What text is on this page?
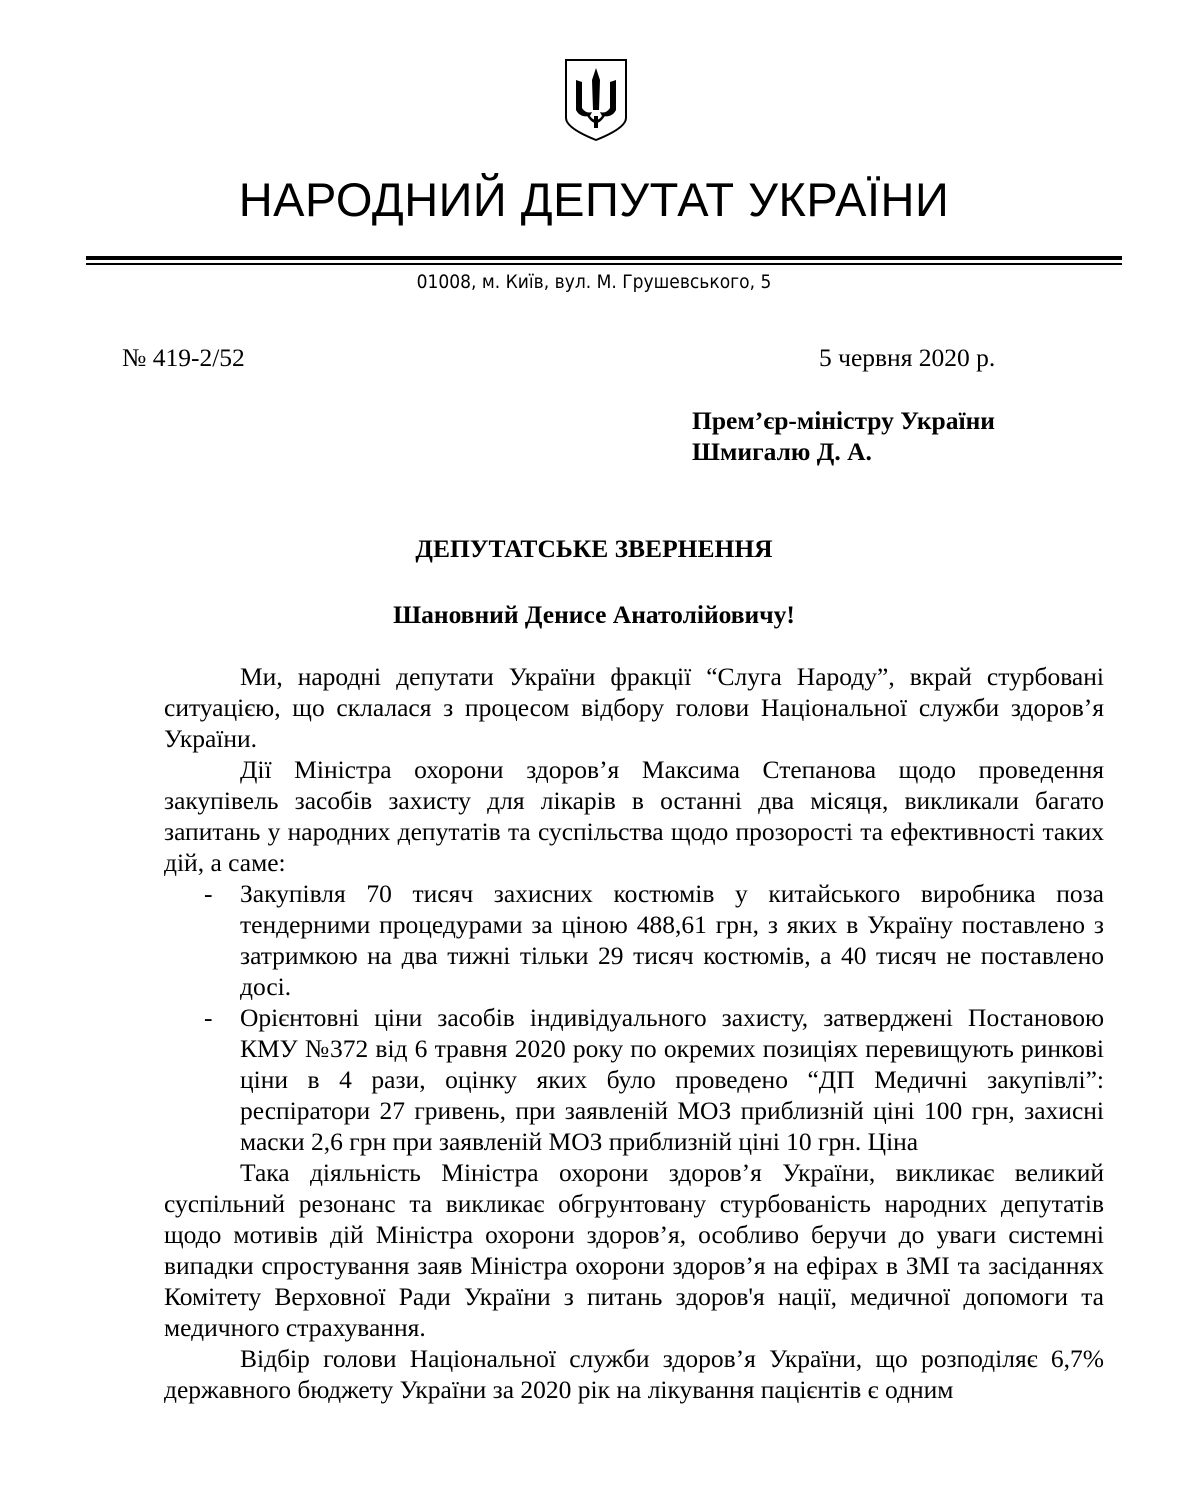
НАРОДНИЙ ДЕПУТАТ УКРАЇНИ
01008, м. Київ, вул. М. Грушевського, 5
№ 419-2/52	5 червня 2020 р.
Прем’єр-міністру України
Шмигалю Д. А.
ДЕПУТАТСЬКЕ ЗВЕРНЕННЯ
Шановний Денисе Анатолійовичу!

Ми, народні депутати України фракції “Слуга Народу”, вкрай стурбовані ситуацією, що склалася з процесом відбору голови Національної служби здоров’я України.

Дії Міністра охорони здоров’я Максима Степанова щодо проведення закупівель засобів захисту для лікарів в останні два місяця, викликали багато запитань у народних депутатів та суспільства щодо прозорості та ефективності таких дій, а саме:

- Закупівля 70 тисяч захисних костюмів у китайського виробника поза тендерними процедурами за ціною 488,61 грн, з яких в Україну поставлено з затримкою на два тижні тільки 29 тисяч костюмів, а 40 тисяч не поставлено досі.
- Орієнтовні ціни засобів індивідуального захисту, затверджені Постановою КМУ №372 від 6 травня 2020 року по окремих позиціях перевищують ринкові ціни в 4 рази, оцінку яких було проведено “ДП Медичні закупівлі”: респіратори 27 гривень, при заявленій МОЗ приблизній ціні 100 грн, захисні маски 2,6 грн при заявленій МОЗ приблизній ціні 10 грн. Ціна

Така діяльність Міністра охорони здоров’я України, викликає великий суспільний резонанс та викликає обгрунтовану стурбованість народних депутатів щодо мотивів дій Міністра охорони здоров’я, особливо беручи до уваги системні випадки спростування заяв Міністра охорони здоров’я на ефірах в ЗМІ та засіданнях Комітету Верховної Ради України з питань здоров'я нації, медичної допомоги та медичного страхування.

Відбір голови Національної служби здоров’я України, що розподіляє 6,7% державного бюджету України за 2020 рік на лікування пацієнтів є одним
